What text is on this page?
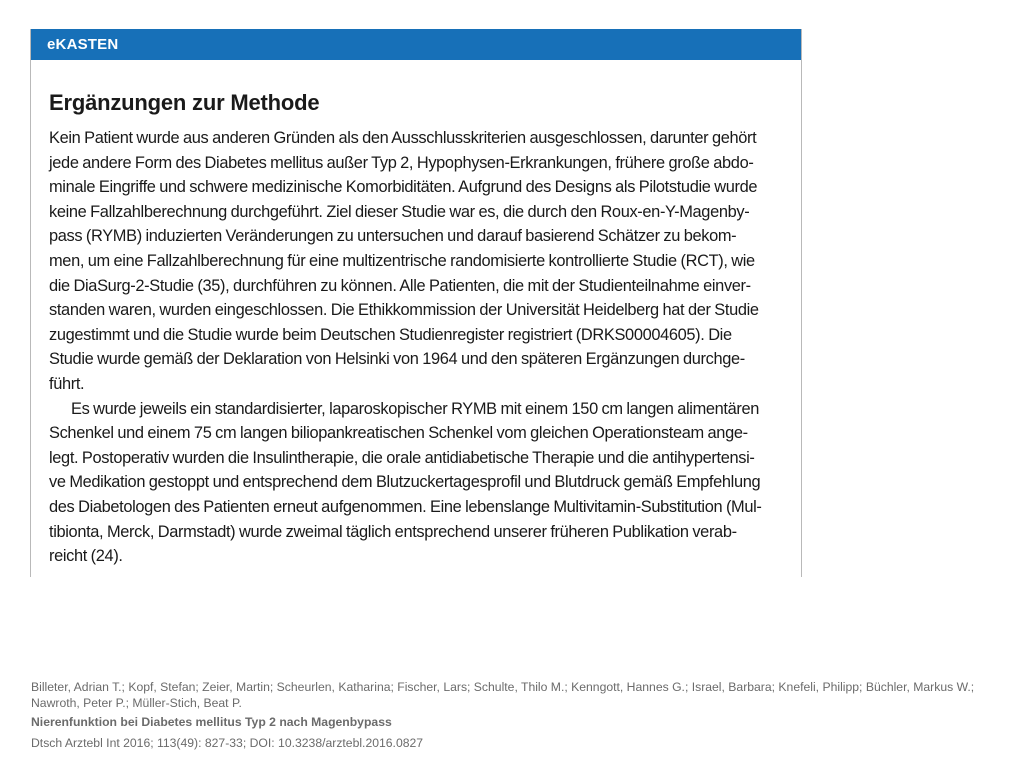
eKASTEN
Ergänzungen zur Methode

Kein Patient wurde aus anderen Gründen als den Ausschlusskriterien ausgeschlossen, darunter gehört
jede andere Form des Diabetes mellitus außer Typ 2, Hypophysen-Erkrankungen, frühere große abdo-
minale Eingriffe und schwere medizinische Komorbiditäten. Aufgrund des Designs als Pilotstudie wurde
keine Fallzahlberechnung durchgeführt. Ziel dieser Studie war es, die durch den Roux-en-Y-Magenby-
pass (RYMB) induzierten Veränderungen zu untersuchen und darauf basierend Schätzer zu bekom-
men, um eine Fallzahlberechnung für eine multizentrische randomisierte kontrollierte Studie (RCT), wie
die DiaSurg-2-Studie (35), durchführen zu können. Alle Patienten, die mit der Studienteilnahme einver-
standen waren, wurden eingeschlossen. Die Ethikkommission der Universität Heidelberg hat der Studie
zugestimmt und die Studie wurde beim Deutschen Studienregister registriert (DRKS00004605). Die
Studie wurde gemäß der Deklaration von Helsinki von 1964 und den späteren Ergänzungen durchge-
führt.

Es wurde jeweils ein standardisierter, laparoskopischer RYMB mit einem 150 cm langen alimentären
Schenkel und einem 75 cm langen biliopankreatischen Schenkel vom gleichen Operationsteam ange-
legt. Postoperativ wurden die Insulintherapie, die orale antidiabetische Therapie und die antihypertensi-
ve Medikation gestoppt und entsprechend dem Blutzuckertagesprofil und Blutdruck gemäß Empfehlung
des Diabetologen des Patienten erneut aufgenommen. Eine lebenslange Multivitamin-Substitution (Mul-
tibionta, Merck, Darmstadt) wurde zweimal täglich entsprechend unserer früheren Publikation verab-
reicht (24).

Billeter, Adrian T.; Kopf, Stefan; Zeier, Martin; Scheurlen, Katharina; Fischer, Lars; Schulte, Thilo M.; Kenngott, Hannes G.; Israel, Barbara; Knefeli, Philipp; Büchler, Markus W.; Nawroth, Peter P.; Müller-Stich, Beat P.
Nierenfunktion bei Diabetes mellitus Typ 2 nach Magenbypass
Dtsch Arztebl Int 2016; 113(49): 827-33; DOI: 10.3238/arztebl.2016.0827
